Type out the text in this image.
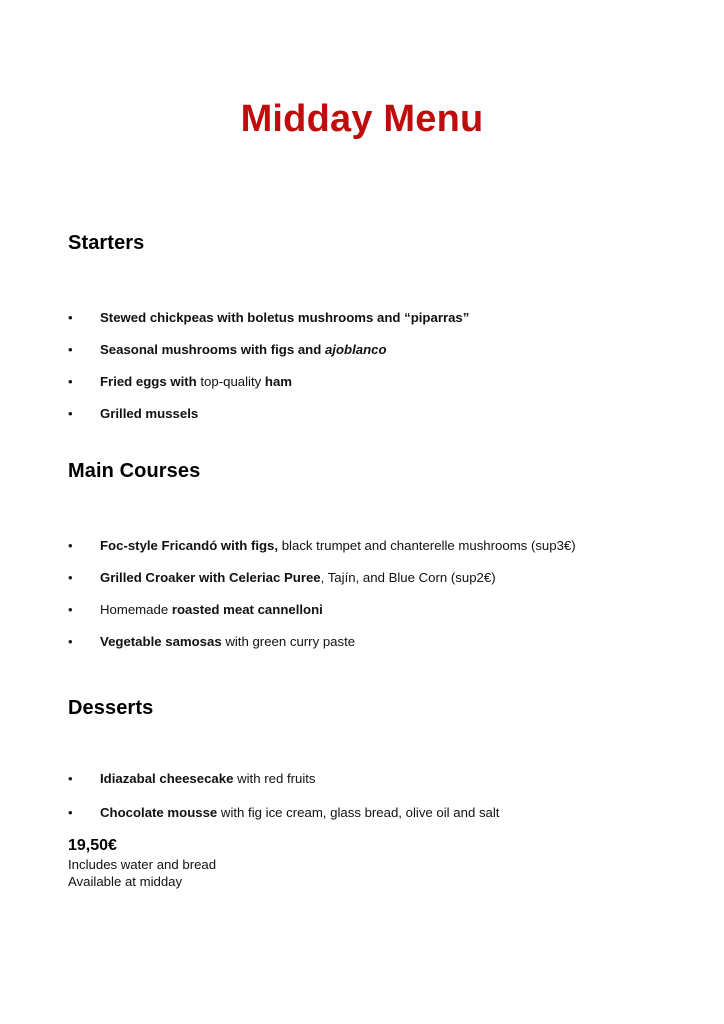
Midday Menu
Starters
•	Stewed chickpeas with boletus mushrooms and “piparras”
•	Seasonal mushrooms with figs and ajoblanco
•	Fried eggs with top-quality ham
•	Grilled mussels
Main Courses
•	Foc-style Fricandó with figs, black trumpet and chanterelle mushrooms (sup3€)
•	Grilled Croaker with Celeriac Puree, Tajín, and Blue Corn (sup2€)
•	Homemade roasted meat cannelloni
•	Vegetable samosas with green curry paste
Desserts
•	Idiazabal cheesecake with red fruits
•	Chocolate mousse with fig ice cream, glass bread, olive oil and salt
19,50€
Includes water and bread
Available at midday
